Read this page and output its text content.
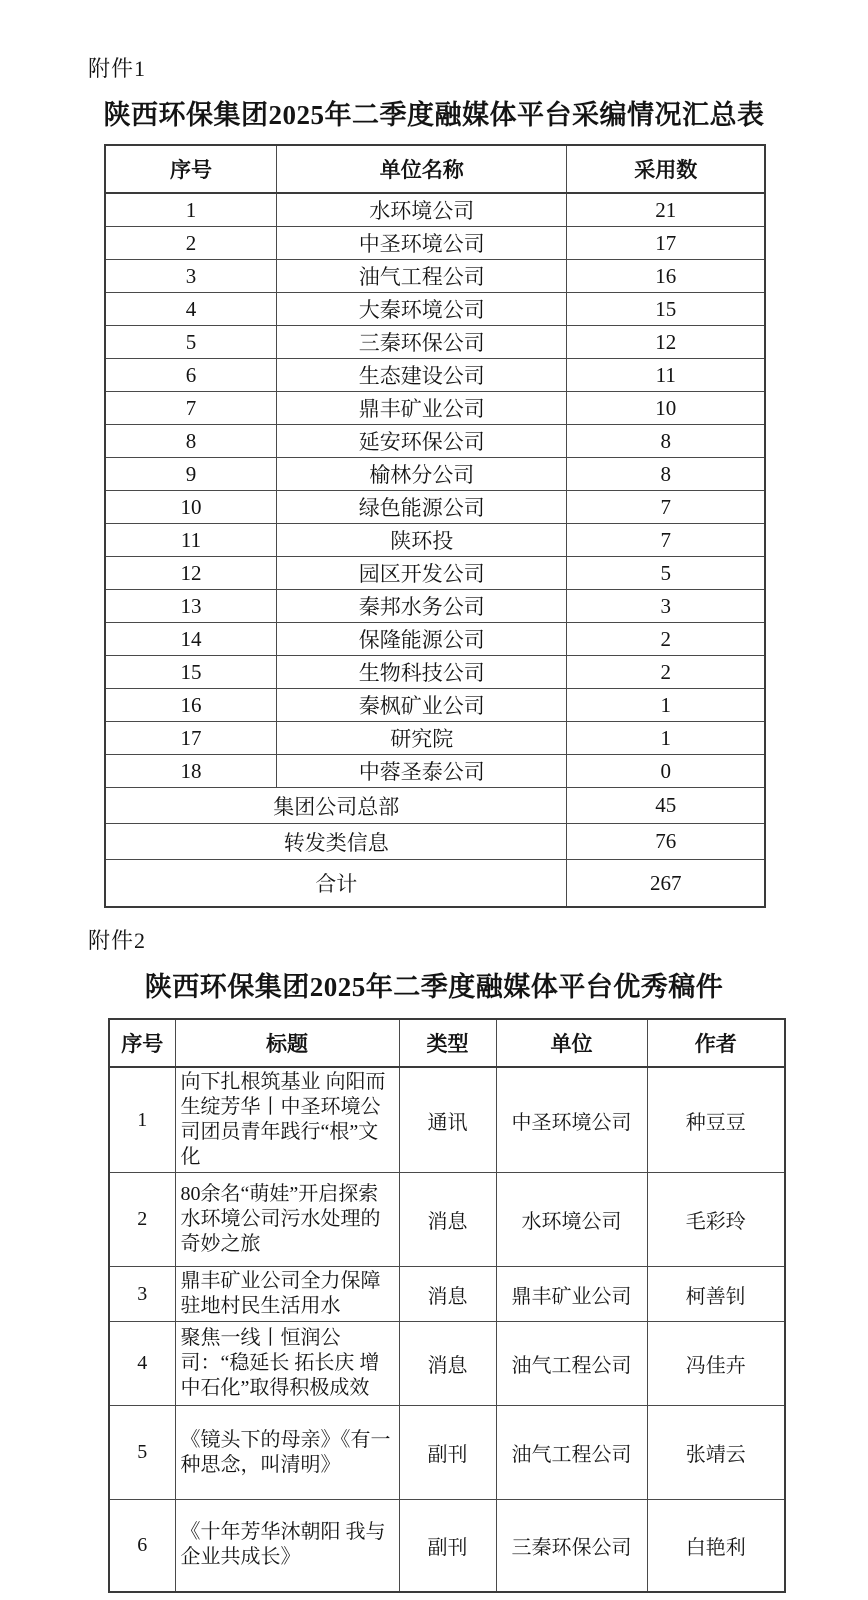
附件1

陕西环保集团2025年二季度融媒体平台采编情况汇总表
序号	单位名称	采用数
1	水环境公司	21
2	中圣环境公司	17
3	油气工程公司	16
4	大秦环境公司	15
5	三秦环保公司	12
6	生态建设公司	11
7	鼎丰矿业公司	10
8	延安环保公司	8
9	榆林分公司	8
10	绿色能源公司	7
11	陕环投	7
12	园区开发公司	5
13	秦邦水务公司	3
14	保隆能源公司	2
15	生物科技公司	2
16	秦枫矿业公司	1
17	研究院	1
18	中蓉圣泰公司	0
集团公司总部		45
转发类信息		76
合计		267

附件2

陕西环保集团2025年二季度融媒体平台优秀稿件
序号	标题	类型	单位	作者
1	向下扎根筑基业 向阳而生绽芳华丨中圣环境公司团员青年践行“根”文化	通讯	中圣环境公司	种豆豆
2	80余名“萌娃”开启探索水环境公司污水处理的奇妙之旅	消息	水环境公司	毛彩玲
3	鼎丰矿业公司全力保障驻地村民生活用水	消息	鼎丰矿业公司	柯善钊
4	聚焦一线丨恒润公司：“稳延长 拓长庆 增中石化”取得积极成效	消息	油气工程公司	冯佳卉
5	《镜头下的母亲》《有一种思念，叫清明》	副刊	油气工程公司	张靖云
6	《十年芳华沐朝阳 我与企业共成长》	副刊	三秦环保公司	白艳利
